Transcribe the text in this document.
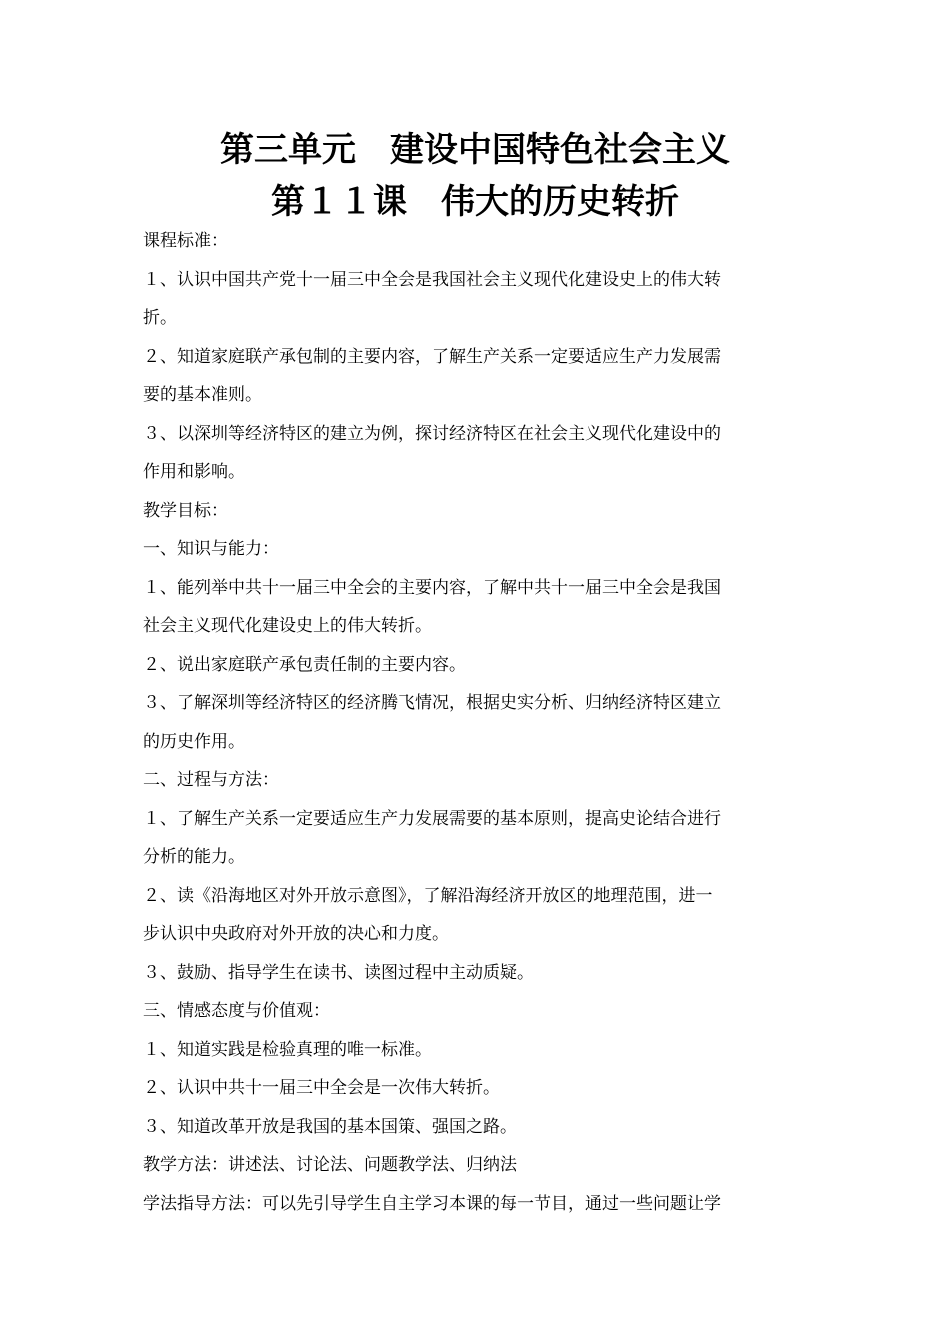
第三单元　建设中国特色社会主义
第１１课　伟大的历史转折
课程标准：
１、认识中国共产党十一届三中全会是我国社会主义现代化建设史上的伟大转
折。
２、知道家庭联产承包制的主要内容，了解生产关系一定要适应生产力发展需
要的基本准则。
３、以深圳等经济特区的建立为例，探讨经济特区在社会主义现代化建设中的
作用和影响。
教学目标：
一、知识与能力：
１、能列举中共十一届三中全会的主要内容，了解中共十一届三中全会是我国
社会主义现代化建设史上的伟大转折。
２、说出家庭联产承包责任制的主要内容。
３、了解深圳等经济特区的经济腾飞情况，根据史实分析、归纳经济特区建立
的历史作用。
二、过程与方法：
１、了解生产关系一定要适应生产力发展需要的基本原则，提高史论结合进行
分析的能力。
２、读《沿海地区对外开放示意图》，了解沿海经济开放区的地理范围，进一
步认识中央政府对外开放的决心和力度。
３、鼓励、指导学生在读书、读图过程中主动质疑。
三、情感态度与价值观：
１、知道实践是检验真理的唯一标准。
２、认识中共十一届三中全会是一次伟大转折。
３、知道改革开放是我国的基本国策、强国之路。
教学方法：讲述法、讨论法、问题教学法、归纳法
学法指导方法：可以先引导学生自主学习本课的每一节目，通过一些问题让学
